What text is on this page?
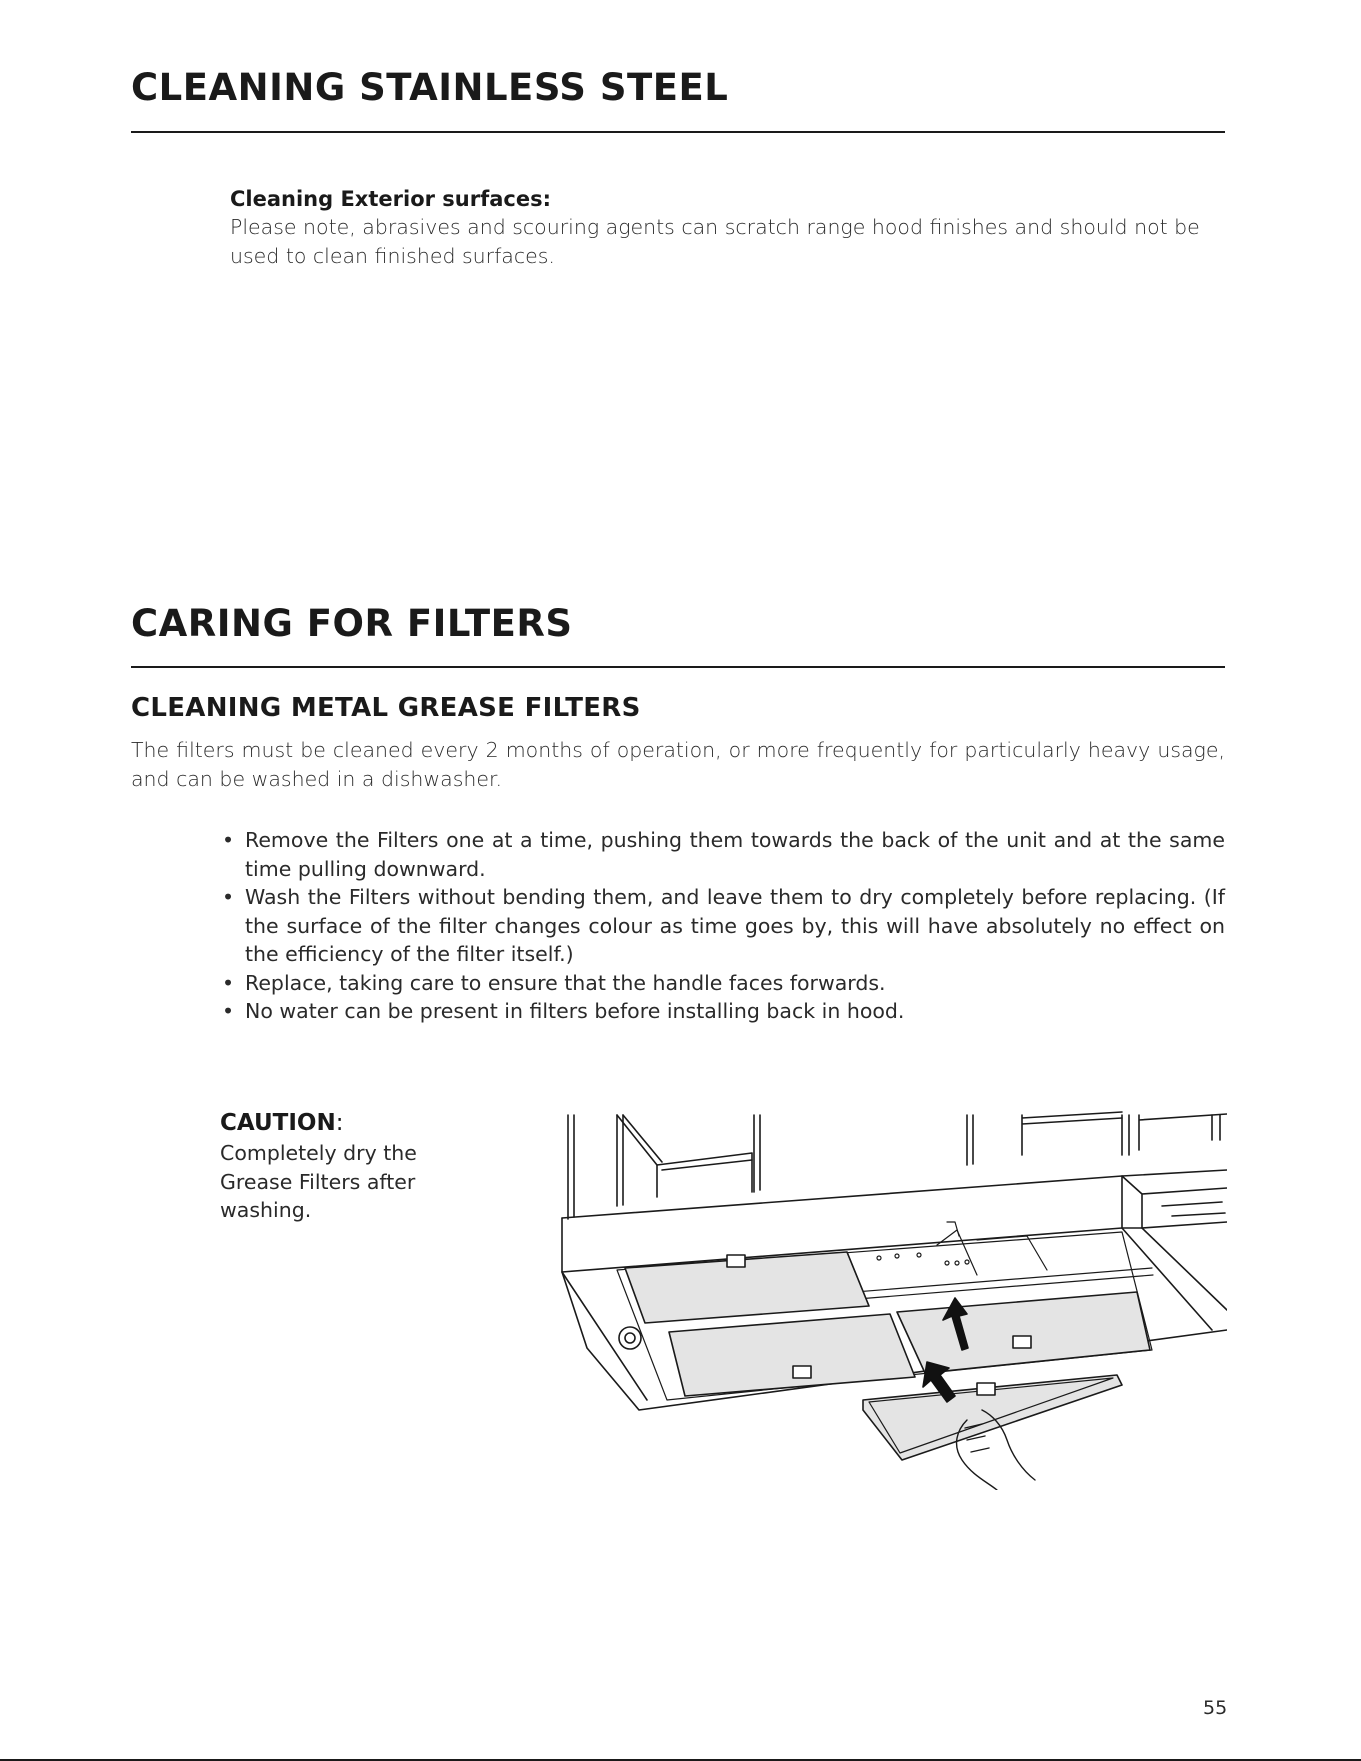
CLEANING STAINLESS STEEL
Cleaning Exterior surfaces:

Please note, abrasives and scouring agents can scratch range hood finishes and should not be used to clean finished surfaces.

CARING FOR FILTERS
CLEANING METAL GREASE FILTERS

The filters must be cleaned every 2 months of operation, or more frequently for particularly heavy usage, and can be washed in a dishwasher.

• Remove the Filters one at a time, pushing them towards the back of the unit and at the same time pulling downward.
• Wash the Filters without bending them, and leave them to dry completely before replacing. (If the surface of the filter changes colour as time goes by, this will have absolutely no effect on the efficiency of the filter itself.)
• Replace, taking care to ensure that the handle faces forwards.
• No water can be present in filters before installing back in hood.

CAUTION:

Completely dry the Grease Filters after washing.

55
